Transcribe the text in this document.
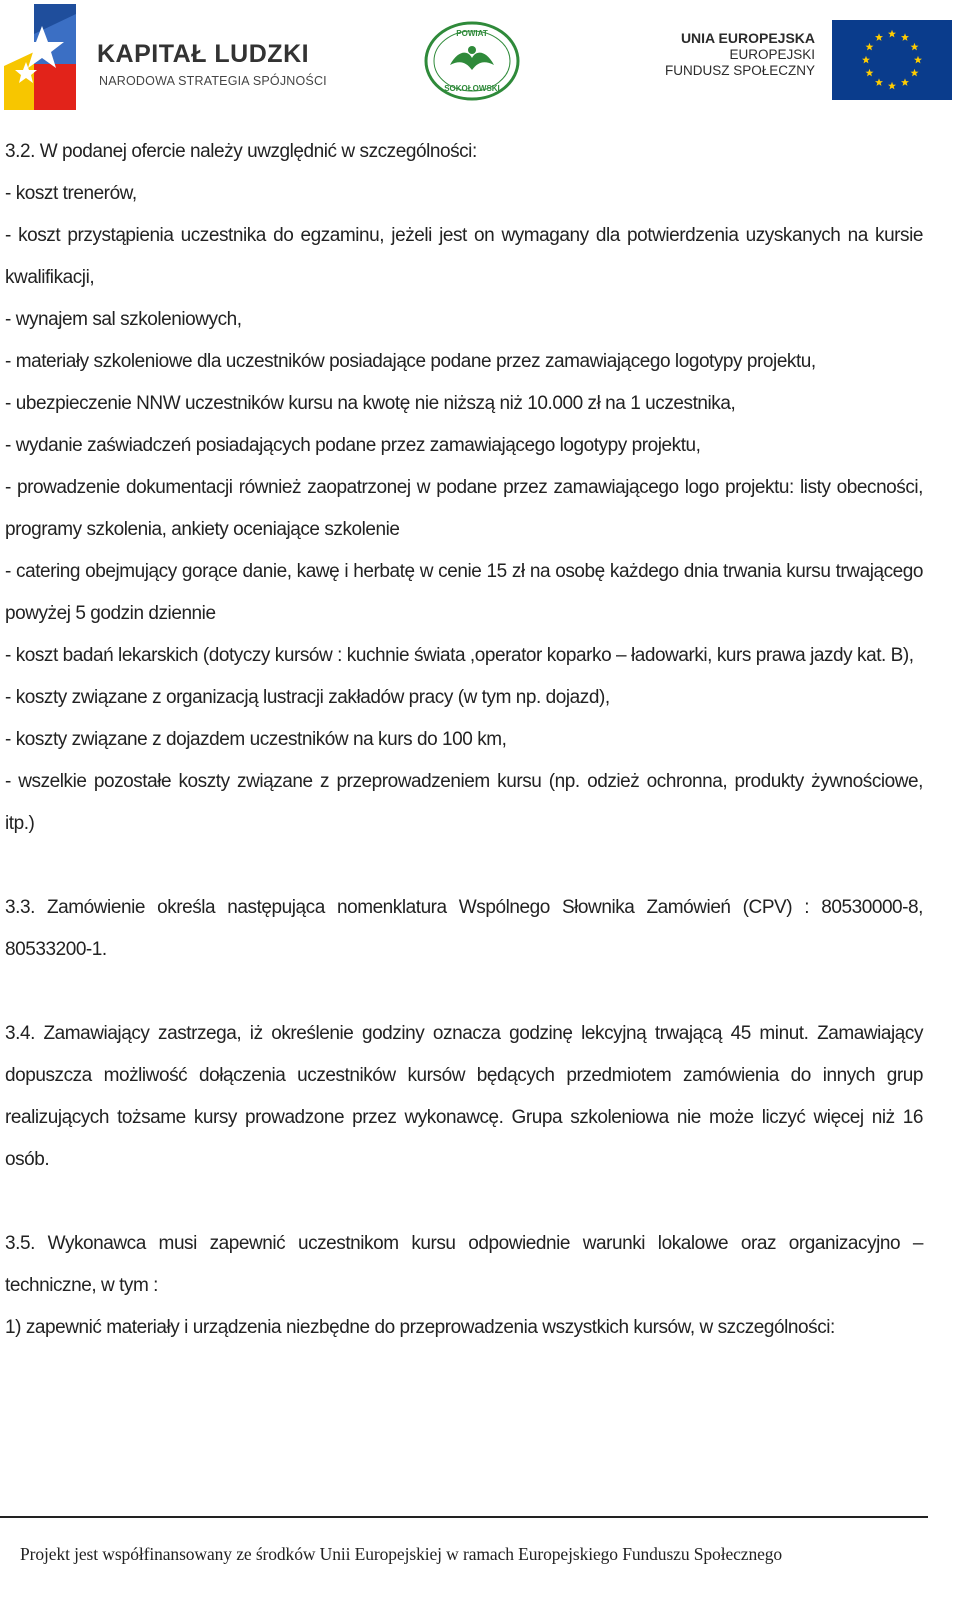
KAPITAŁ LUDZKI
NARODOWA STRATEGIA SPÓJNOŚCI
POWIAT
SOKOŁOWSKI
UNIA EUROPEJSKA
EUROPEJSKI
FUNDUSZ SPOŁECZNY

3.2. W podanej ofercie należy uwzględnić w szczególności:

- koszt trenerów,

- koszt przystąpienia uczestnika do egzaminu, jeżeli jest on wymagany dla potwierdzenia uzyskanych na kursie kwalifikacji,

- wynajem sal szkoleniowych,

- materiały szkoleniowe dla uczestników posiadające podane przez zamawiającego logotypy projektu,

- ubezpieczenie NNW uczestników kursu na kwotę nie niższą niż 10.000 zł na 1 uczestnika,

- wydanie zaświadczeń posiadających podane przez zamawiającego logotypy projektu,

- prowadzenie dokumentacji również zaopatrzonej w podane przez zamawiającego logo projektu: listy obecności, programy szkolenia, ankiety oceniające szkolenie

- catering obejmujący gorące danie, kawę i herbatę w cenie 15 zł na osobę każdego dnia trwania kursu trwającego powyżej 5 godzin dziennie

- koszt badań lekarskich (dotyczy kursów : kuchnie świata ,operator koparko – ładowarki, kurs prawa jazdy kat. B),

- koszty związane z organizacją lustracji zakładów pracy (w tym np. dojazd),

- koszty związane z dojazdem uczestników na kurs do 100 km,

- wszelkie pozostałe koszty związane z przeprowadzeniem kursu (np. odzież ochronna, produkty żywnościowe, itp.)

3.3. Zamówienie określa następująca nomenklatura Wspólnego Słownika Zamówień (CPV) : 80530000-8, 80533200-1.

3.4. Zamawiający zastrzega, iż określenie godziny oznacza godzinę lekcyjną trwającą 45 minut. Zamawiający dopuszcza możliwość dołączenia uczestników kursów będących przedmiotem zamówienia do innych grup realizujących tożsame kursy prowadzone przez wykonawcę. Grupa szkoleniowa nie może liczyć więcej niż 16 osób.

3.5. Wykonawca musi zapewnić uczestnikom kursu odpowiednie warunki lokalowe oraz organizacyjno – techniczne, w tym :

1) zapewnić materiały i urządzenia niezbędne do przeprowadzenia wszystkich kursów, w szczególności:

Projekt jest współfinansowany ze środków Unii Europejskiej w ramach Europejskiego Funduszu Społecznego
